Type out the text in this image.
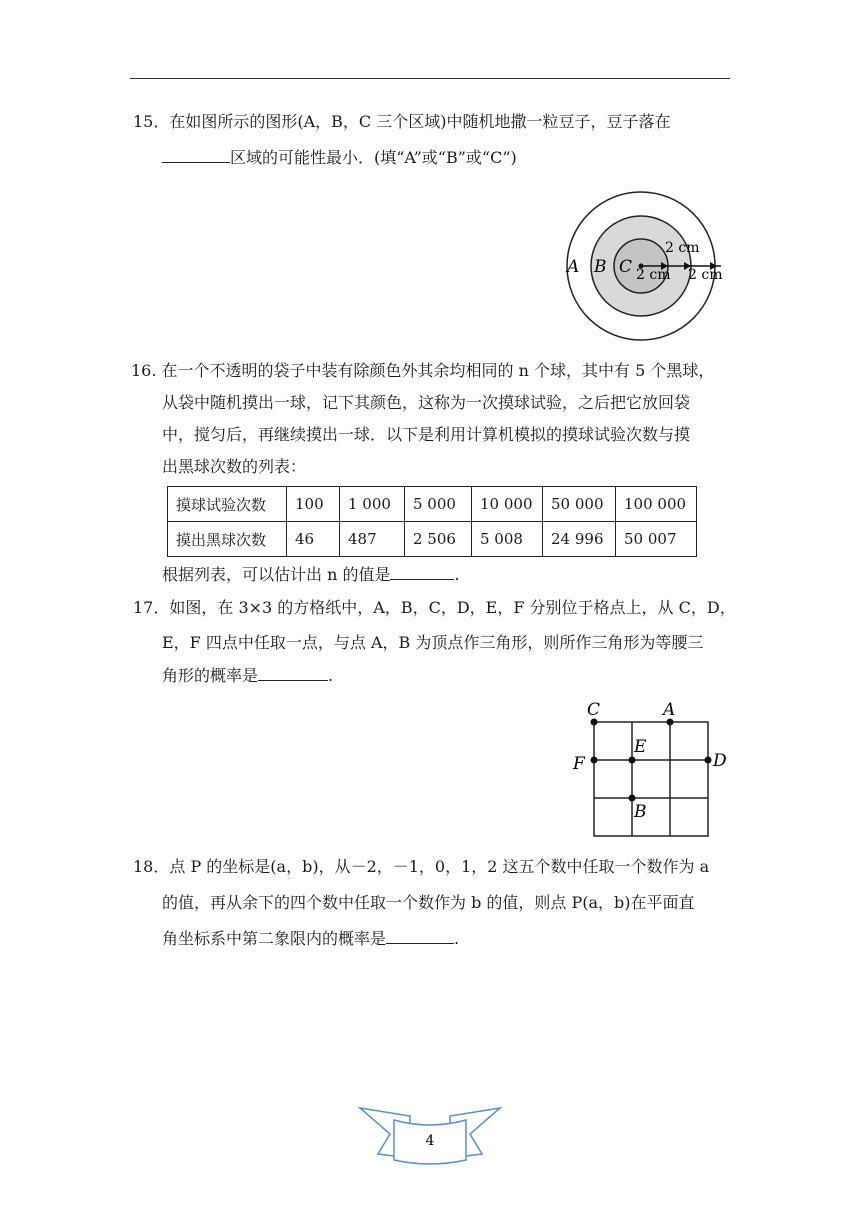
15．在如图所示的图形(A，B，C 三个区域)中随机地撒一粒豆子，豆子落在
区域的可能性最小．(填“A”或“B”或“C”)
A B C
2 cm
2 cm 2 cm
16. 在一个不透明的袋子中装有除颜色外其余均相同的 n 个球，其中有 5 个黑球，
从袋中随机摸出一球，记下其颜色，这称为一次摸球试验，之后把它放回袋
中，搅匀后，再继续摸出一球．以下是利用计算机模拟的摸球试验次数与摸
出黑球次数的列表：
摸球试验次数	100	1 000	5 000	10 000	50 000	100 000
摸出黑球次数	46	487	2 506	5 008	24 996	50 007
根据列表，可以估计出 n 的值是	.
17．如图，在 3×3 的方格纸中，A，B，C，D，E，F 分别位于格点上，从 C，D，
E，F 四点中任取一点，与点 A，B 为顶点作三角形，则所作三角形为等腰三
角形的概率是	.
C	A
E
F	D
B
18．点 P 的坐标是(a，b)，从－2，－1，0，1，2 这五个数中任取一个数作为 a
的值，再从余下的四个数中任取一个数作为 b 的值，则点 P(a，b)在平面直
角坐标系中第二象限内的概率是	.
4
